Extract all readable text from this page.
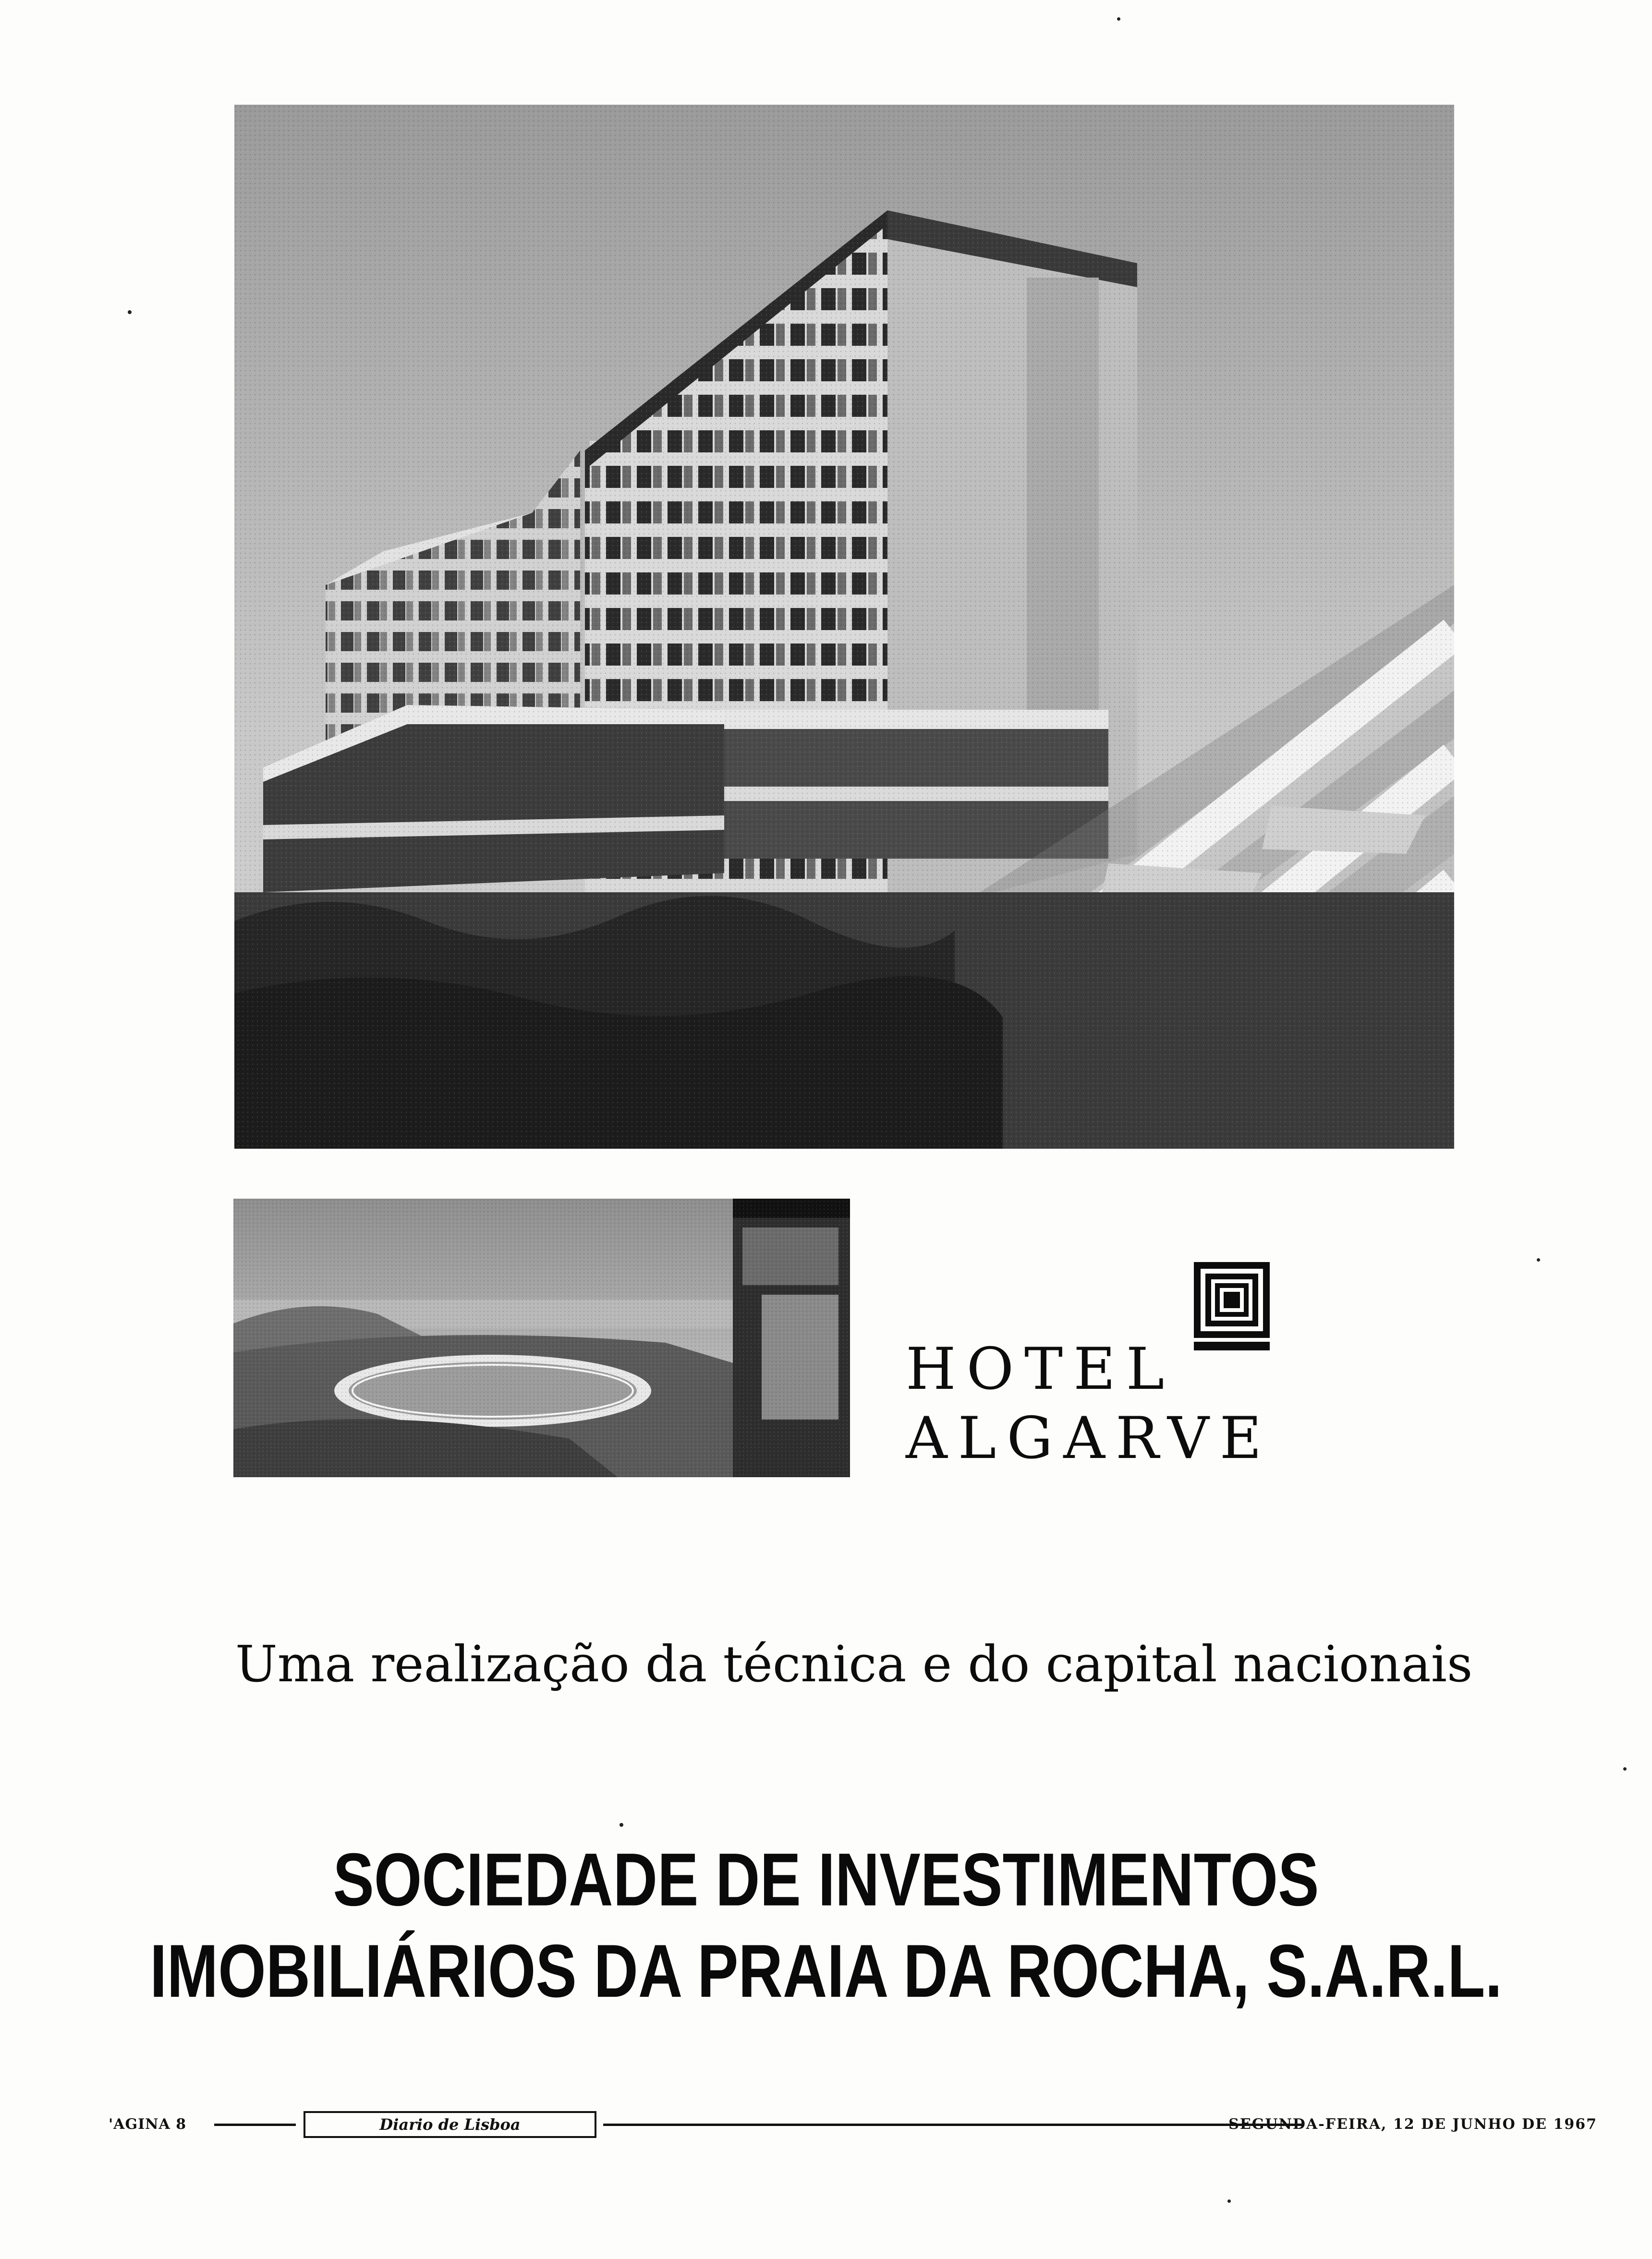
HOTEL
ALGARVE
Uma realização da técnica e do capital nacionais
SOCIEDADE DE INVESTIMENTOS
IMOBILIÁRIOS DA PRAIA DA ROCHA, S.A.R.L.
'AGINA 8	Diario de Lisboa	SEGUNDA-FEIRA, 12 DE JUNHO DE 1967
